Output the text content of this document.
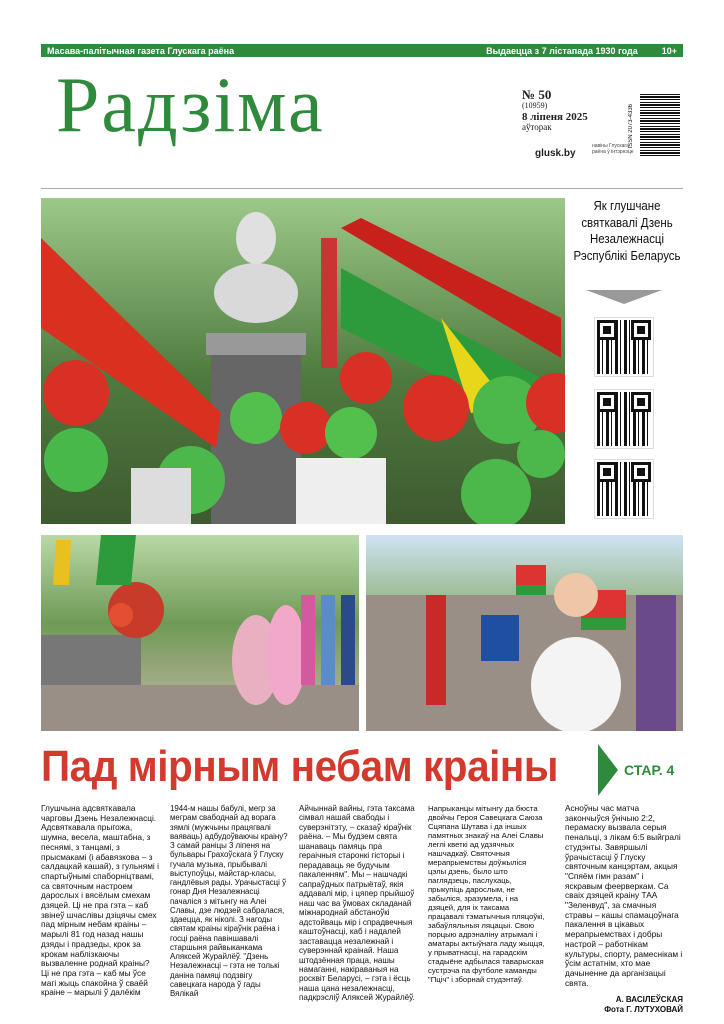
Масава-палітычная газета Глускага раёна	Выдаецца з 7 лістапада 1930 года	10+
Радзіма	№ 50
(10959)
8 ліпеня 2025
аўторак
glusk.by
навіны Глускага раёна ў інтэрнэце
ISSN 2073-4336
Як глушчане святкавалі Дзень Незалежнасці Рэспублікі Беларусь
Пад мірным небам краіны	СТАР. 4

Глушчына адсвяткавала чарговы Дзень Незалежнасці. Адсвяткавала прыгожа, шумна, весела, маштабна, з песнямі, з танцамі, з прысмакамі (і абавязкова – з салдацкай кашай), з гульнямі і спартыўнымі спаборніцтвамі, са святочным настроем дарослых і вясёлым смехам дзяцей. Ці не пра гэта – каб звінеў шчаслівы дзіцячы смех пад мірным небам краіны – марылі 81 год назад нашы дзяды і прадзеды, крок за крокам наблізкаючы вызваленне роднай краіны? Ці не пра гэта – каб мы ўсе магі жыць спакойна ў сваёй краіне – марылі ў далёкім

1944-м нашы бабулі, мегр за меграм свабоднай ад ворага зямлі (мужчыны працягвалі ваяваць) адбудоўваючы краіну? З самай раніцы 3 ліпеня на бульвары Грахоўскага ў Глуску гучала музыка, прыбывалі выступоўцы, майстар-класы, гандлёвыя рады. Урачыстасці ў гонар Дня Незалежнасці пачаліся з мітынгу на Алеі Славы, дзе людзей сабралася, здаецца, як ніколі. З нагоды святам краіны кіраўнік раёна і госці раёна павіншавалі старшыня райвыканкама Аляксей Журайлёў. "Дзень Незалежнасці – гэта не толькі даніна памяці подзвігу савецкага народа ў гады Вялікай

Айчыннай вайны, гэта таксама сімвал нашай свабоды і суверэнітэту, – сказаў кіраўнік раёна. – Мы будзем свята шанаваць памяць пра гераічныя старонкі гісторыі і перадаваць яе будучым пакаленням". Мы – нашчадкі сапраўдных патрыётаў, якія аддавалі мір, і цяпер прыйшоў наш час ва ўмовах складанай міжнароднай абстаноўкі адстойваць мір і спрадвечныя каштоўнасці, каб і надалей заставацца незалежнай і суверэннай краінай. Наша штодзённая праца, нашы намаганні, накіраваныя на росквіт Беларусі, – гэта і ёсць наша цана незалежнасці, падкрэсліў Аляксей Журайлёў.

Напрыканцы мітынгу да бюста двойчы Героя Савецкага Саюза Сцяпана Шутава і да іншых памятных знакаў на Алеі Славы леглі кветкі ад удзячных нашчадкаў. Святочныя мерапрыемствы доўжыліся цэлы дзень, было што паглядзець, паслухаць, прыкупіць дарослым, не забыліся, зразумела, і на дзяцей, для іх таксама працавалі тэматычныя пляцоўкі, забаўляльныя ляцацыі. Свою порцыю адрэналіну атрымалі і аматары актыўнага ладу жыцця, у прыватнасці, на гарадскім стадыёне адбылася таварыская сустрэча па футболе каманды "Пціч" і зборнай студэнтаў.

Асноўны час матча закончыўся ўнічыю 2:2, перамаску вызвала серыя пенальці, з лікам 6:5 выйгралі студэнты. Завяршылі ўрачыстасці ў Глуску святочным канцэртам, акцыя "Спяём гімн разам" і яскравым феерверкам. Са сваіх дзяцей краіну ТАА "Зеленвуд", за смачныя стравы – кашы спамацоўнага пакалення в цікавых мерапрыемствах і добры настрой – работнікам культуры, спорту, рамеснікам і ўсім астатнім, хто мае дачыненне да арганізацыі свята.

А. ВАСІЛЕЎСКАЯ
Фота Г. ЛУТУХОВАЙ
